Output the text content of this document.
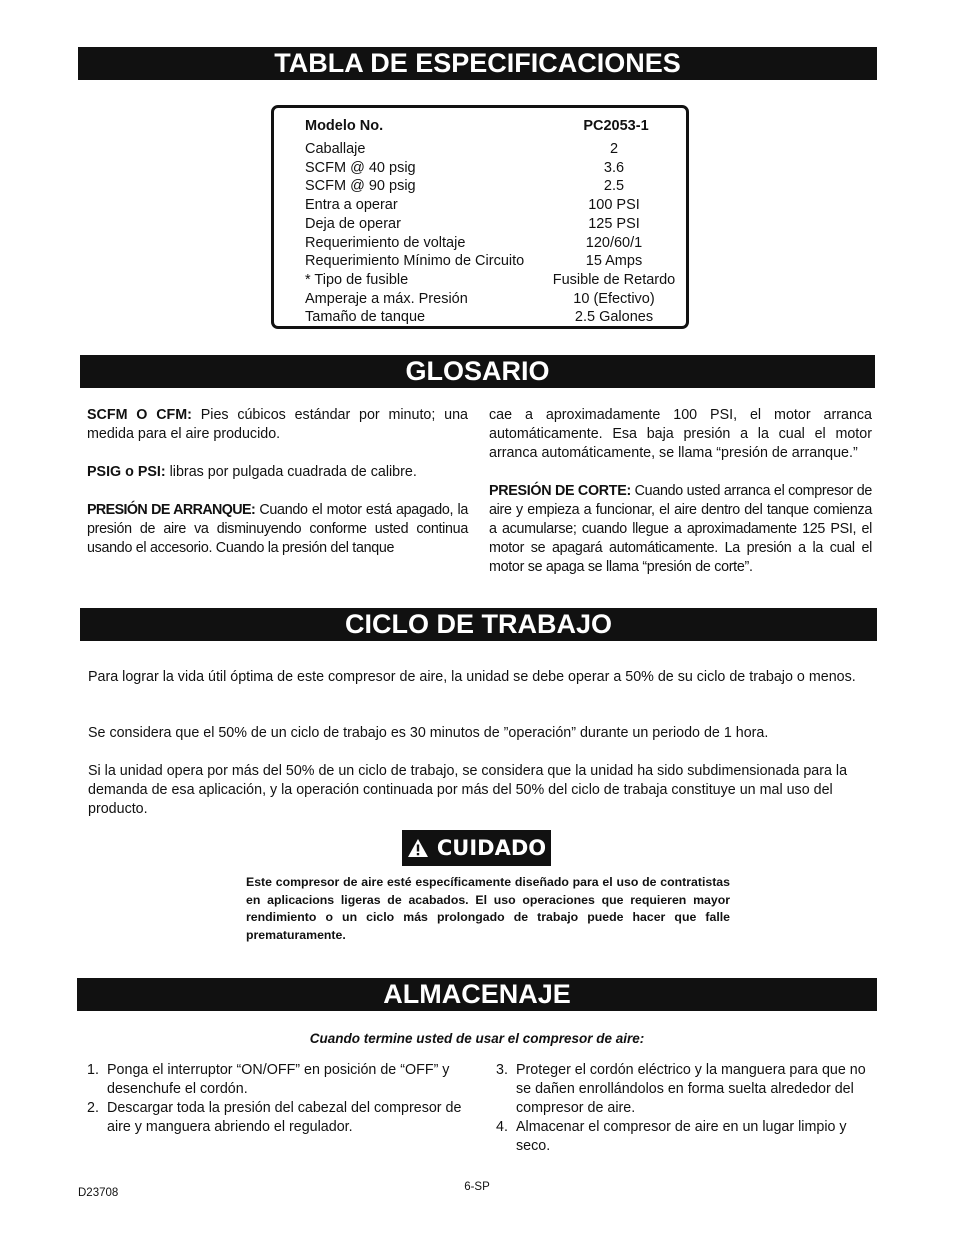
TABLA DE ESPECIFICACIONES
Modelo No.	PC2053-1
Caballaje	2
SCFM @ 40 psig	3.6
SCFM @ 90 psig	2.5
Entra a operar	100 PSI
Deja de operar	125 PSI
Requerimiento de voltaje	120/60/1
Requerimiento Mínimo de Circuito	15 Amps
* Tipo de fusible	Fusible de Retardo
Amperaje a máx. Presión	10 (Efectivo)
Tamaño de tanque	2.5 Galones
GLOSARIO

SCFM O CFM: Pies cúbicos estándar por minuto; una medida para el aire producido.

PSIG o PSI: libras por pulgada cuadrada de calibre.

PRESIÓN DE ARRANQUE: Cuando el motor está apagado, la presión de aire va disminuyendo conforme usted continua usando el accesorio. Cuando la presión del tanque

cae a aproximadamente 100 PSI, el motor arranca automáticamente. Esa baja presión a la cual el motor arranca automáticamente, se llama “presión de arranque.”

PRESIÓN DE CORTE: Cuando usted arranca el compresor de aire y empieza a funcionar, el aire dentro del tanque comienza a acumularse; cuando llegue a aproximadamente 125 PSI, el motor se apagará automáticamente. La presión a la cual el motor se apaga se llama “presión de corte”.

CICLO DE TRABAJO
Para lograr la vida útil óptima de este compresor de aire, la unidad se debe operar a 50% de su ciclo de trabajo o menos.
Se considera que el 50% de un ciclo de trabajo es 30 minutos de ”operación” durante un periodo de 1 hora.
Si la unidad opera por más del 50% de un ciclo de trabajo, se considera que la unidad ha sido subdimensionada para la demanda de esa aplicación, y la operación continuada por más del 50% del ciclo de trabaja constituye un mal uso del producto.
CUIDADO
Este compresor de aire esté específicamente diseñado para el uso de contratistas en aplicacions ligeras de acabados. El uso operaciones que requieren mayor rendimiento o un ciclo más prolongado de trabajo puede hacer que falle prematuramente.
ALMACENAJE
Cuando termine usted de usar el compresor de aire:
1. Ponga el interruptor “ON/OFF” en posición de “OFF” y desenchufe el cordón.
2. Descargar toda la presión del cabezal del compresor de aire y manguera abriendo el regulador.
3. Proteger el cordón eléctrico y la manguera para que no se dañen enrollándolos en forma suelta alrededor del compresor de aire.
4. Almacenar el compresor de aire en un lugar limpio y seco.
D23708	6-SP
